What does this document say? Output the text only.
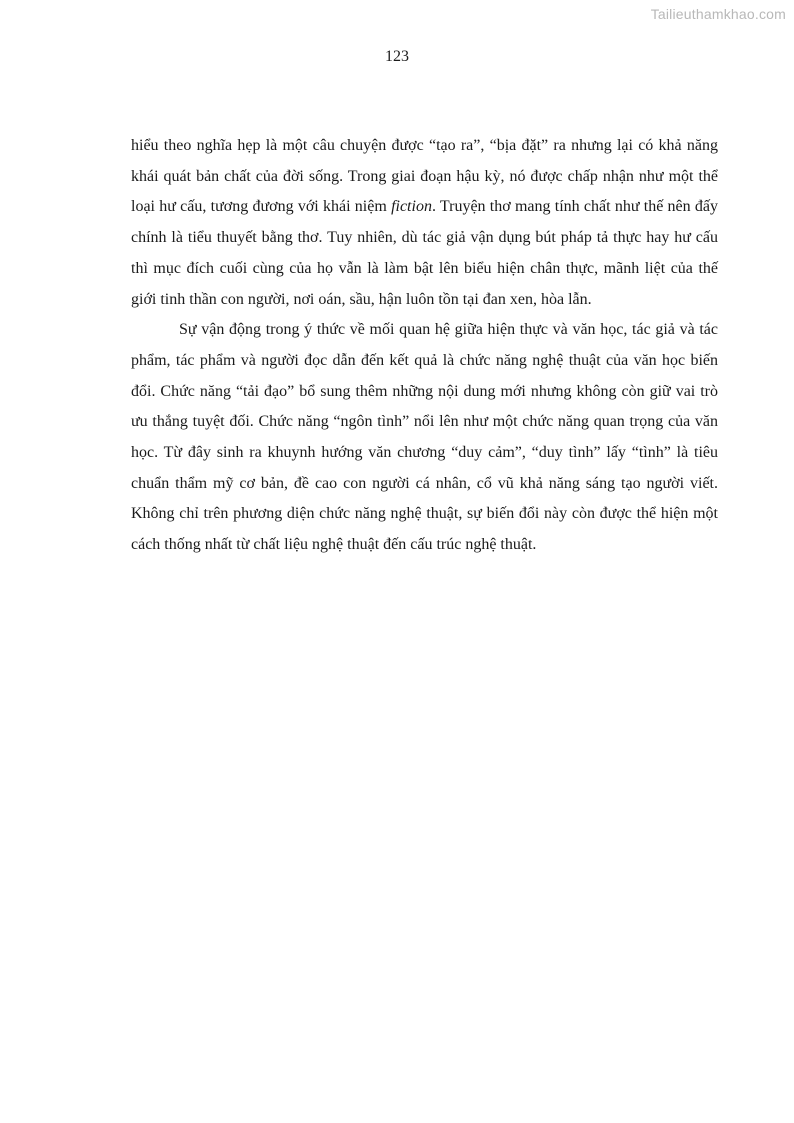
Tailieuthamkhao.com
123

hiểu theo nghĩa hẹp là một câu chuyện được “tạo ra”, “bịa đặt” ra nhưng lại có khả năng khái quát bản chất của đời sống. Trong giai đoạn hậu kỳ, nó được chấp nhận như một thể loại hư cấu, tương đương với khái niệm fiction. Truyện thơ mang tính chất như thế nên đấy chính là tiểu thuyết bằng thơ. Tuy nhiên, dù tác giả vận dụng bút pháp tả thực hay hư cấu thì mục đích cuối cùng của họ vẫn là làm bật lên biểu hiện chân thực, mãnh liệt của thế giới tinh thần con người, nơi oán, sầu, hận luôn tồn tại đan xen, hòa lẫn.

Sự vận động trong ý thức về mối quan hệ giữa hiện thực và văn học, tác giả và tác phẩm, tác phẩm và người đọc dẫn đến kết quả là chức năng nghệ thuật của văn học biến đổi. Chức năng “tải đạo” bổ sung thêm những nội dung mới nhưng không còn giữ vai trò ưu thắng tuyệt đối. Chức năng “ngôn tình” nổi lên như một chức năng quan trọng của văn học. Từ đây sinh ra khuynh hướng văn chương “duy cảm”, “duy tình” lấy “tình” là tiêu chuẩn thẩm mỹ cơ bản, đề cao con người cá nhân, cổ vũ khả năng sáng tạo người viết. Không chỉ trên phương diện chức năng nghệ thuật, sự biến đổi này còn được thể hiện một cách thống nhất từ chất liệu nghệ thuật đến cấu trúc nghệ thuật.
